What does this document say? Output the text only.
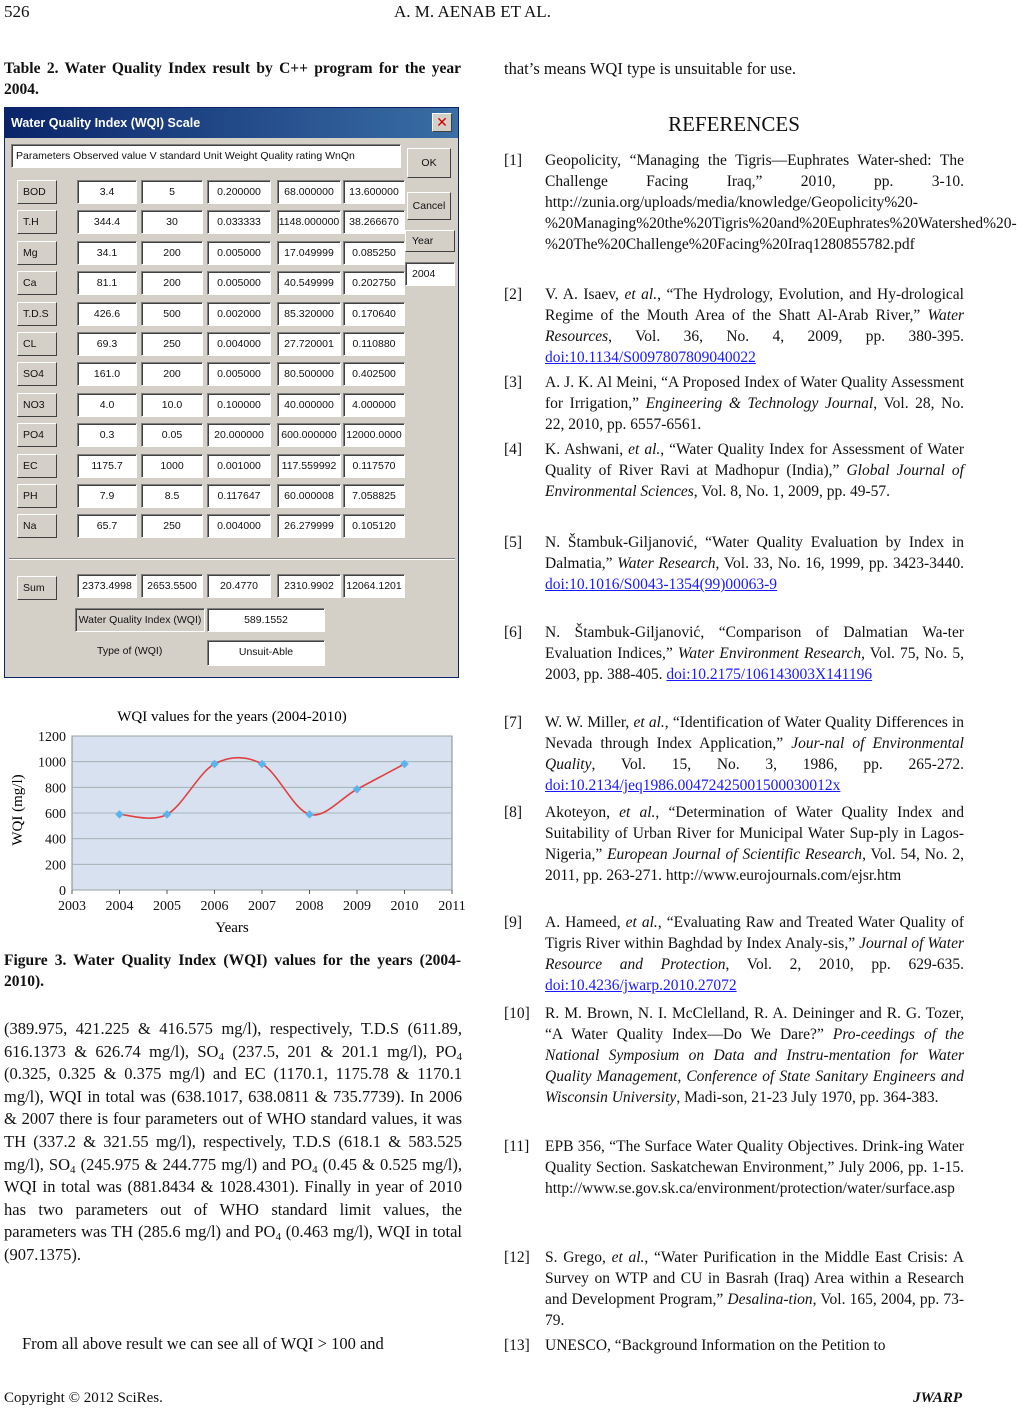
526	A. M. AENAB ET AL.
Table 2. Water Quality Index result by C++ program for the year 2004.
Water Quality Index (WQI) Scale	✕
Parameters Observed value V standard Unit Weight Quality rating WnQn
OK
Cancel
Year
2004
BOD	3.4	5	0.200000	68.000000	13.600000
T.H	344.4	30	0.033333	1148.000000 38.266670
Mg	34.1	200	0.005000	17.049999	0.085250
Ca	81.1	200	0.005000	40.549999	0.202750
T.D.S	426.6	500	0.002000	85.320000	0.170640
CL	69.3	250	0.004000	27.720001	0.110880
SO4	161.0	200	0.005000	80.500000	0.402500
NO3	4.0	10.0	0.100000	40.000000	4.000000
PO4	0.3	0.05	20.000000	600.000000 12000.0000
EC	1175.7	1000	0.001000	117.559992	0.117570
PH	7.9	8.5	0.117647	60.000008	7.058825
Na	65.7	250	0.004000	26.279999	0.105120
Sum	2373.4998	2653.5500	20.4770	2310.9902	12064.1201
Water Quality Index (WQI)	589.1552
Type of (WQI)	Unsuit-Able
WQI values for the years (2004-2010)
0
200
400
600
800
1000
1200
2003 2004 2005 2006 2007 2008 2009 2010 2011
Years
WQI (mg/l)
Figure 3. Water Quality Index (WQI) values for the years (2004-2010).

(389.975, 421.225 & 416.575 mg/l), respectively, T.D.S (611.89, 616.1373 & 626.74 mg/l), $SO_4$ (237.5, 201 & 201.1 mg/l), $PO_4$ (0.325, 0.325 & 0.375 mg/l) and EC (1170.1, 1175.78 & 1170.1 mg/l), WQI in total was (638.1017, 638.0811 & 735.7739). In 2006 & 2007 there is four parameters out of WHO standard values, it was TH (337.2 & 321.55 mg/l), respectively, T.D.S (618.1 & 583.525 mg/l), $SO_4$ (245.975 & 244.775 mg/l) and $PO_4$ (0.45 & 0.525 mg/l), WQI in total was (881.8434 & 1028.4301). Finally in year of 2010 has two parameters out of WHO standard limit values, the parameters was TH (285.6 mg/l) and $PO_4$ (0.463 mg/l), WQI in total (907.1375).

From all above result we can see all of WQI > 100 and
that’s means WQI type is unsuitable for use.
REFERENCES
[1] Geopolicity, “Managing the Tigris—Euphrates Water-shed: The Challenge Facing Iraq,” 2010, pp. 3-10. http://zunia.org/uploads/media/knowledge/Geopolicity%20-%20Managing%20the%20Tigris%20and%20Euphrates%20Watershed%20-%20The%20Challenge%20Facing%20Iraq1280855782.pdf
[2] V. A. Isaev, et al., “The Hydrology, Evolution, and Hy-drological Regime of the Mouth Area of the Shatt Al-Arab River,” Water Resources, Vol. 36, No. 4, 2009, pp. 380-395. doi:10.1134/S0097807809040022
[3] A. J. K. Al Meini, “A Proposed Index of Water Quality Assessment for Irrigation,” Engineering & Technology Journal, Vol. 28, No. 22, 2010, pp. 6557-6561.
[4] K. Ashwani, et al., “Water Quality Index for Assessment of Water Quality of River Ravi at Madhopur (India),” Global Journal of Environmental Sciences, Vol. 8, No. 1, 2009, pp. 49-57.
[5] N. Štambuk-Giljanović, “Water Quality Evaluation by Index in Dalmatia,” Water Research, Vol. 33, No. 16, 1999, pp. 3423-3440. doi:10.1016/S0043-1354(99)00063-9
[6] N. Štambuk-Giljanović, “Comparison of Dalmatian Wa-ter Evaluation Indices,” Water Environment Research, Vol. 75, No. 5, 2003, pp. 388-405. doi:10.2175/106143003X141196
[7] W. W. Miller, et al., “Identification of Water Quality Differences in Nevada through Index Application,” Jour-nal of Environmental Quality, Vol. 15, No. 3, 1986, pp. 265-272. doi:10.2134/jeq1986.00472425001500030012x
[8] Akoteyon, et al., “Determination of Water Quality Index and Suitability of Urban River for Municipal Water Sup-ply in Lagos-Nigeria,” European Journal of Scientific Research, Vol. 54, No. 2, 2011, pp. 263-271. http://www.eurojournals.com/ejsr.htm
[9] A. Hameed, et al., “Evaluating Raw and Treated Water Quality of Tigris River within Baghdad by Index Analy-sis,” Journal of Water Resource and Protection, Vol. 2, 2010, pp. 629-635. doi:10.4236/jwarp.2010.27072
[10] R. M. Brown, N. I. McClelland, R. A. Deininger and R. G. Tozer, “A Water Quality Index—Do We Dare?” Pro-ceedings of the National Symposium on Data and Instru-mentation for Water Quality Management, Conference of State Sanitary Engineers and Wisconsin University, Madi-son, 21-23 July 1970, pp. 364-383.
[11] EPB 356, “The Surface Water Quality Objectives. Drink-ing Water Quality Section. Saskatchewan Environment,” July 2006, pp. 1-15. http://www.se.gov.sk.ca/environment/protection/water/surface.asp
[12] S. Grego, et al., “Water Purification in the Middle East Crisis: A Survey on WTP and CU in Basrah (Iraq) Area within a Research and Development Program,” Desalina-tion, Vol. 165, 2004, pp. 73-79.
[13] UNESCO, “Background Information on the Petition to
Copyright © 2012 SciRes.	JWARP
